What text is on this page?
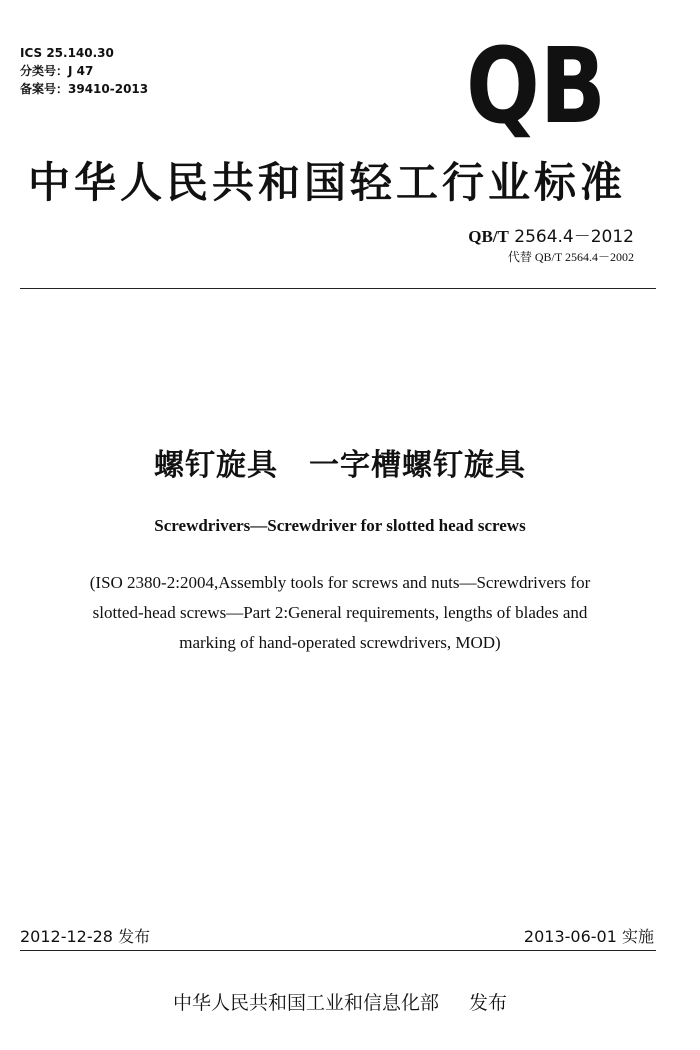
ICS 25.140.30
分类号：J 47
备案号：39410-2013	QB
中华人民共和国轻工行业标准
QB/T 2564.4－2012
代替 QB/T 2564.4－2002
螺钉旋具　一字槽螺钉旋具
Screwdrivers—Screwdriver for slotted head screws
(ISO 2380-2:2004,Assembly tools for screws and nuts—Screwdrivers for
slotted-head screws—Part 2:General requirements, lengths of blades and
marking of hand-operated screwdrivers, MOD)
2012-12-28 发布	2013-06-01 实施
中华人民共和国工业和信息化部 发布
